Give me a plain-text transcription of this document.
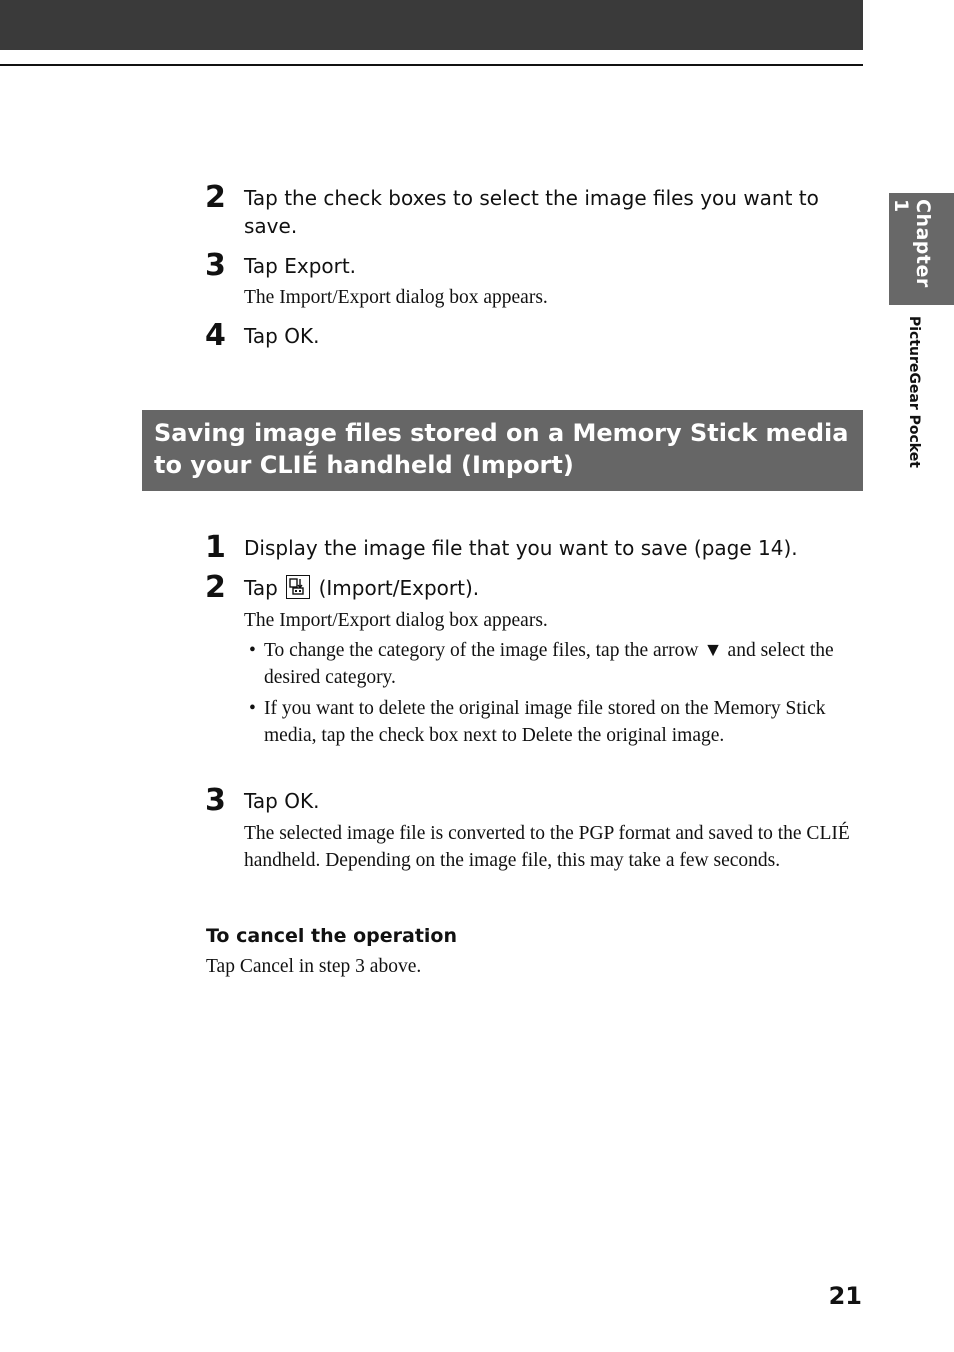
Chapter 1
PictureGear Pocket
2 Tap the check boxes to select the image files you want to save.
3 Tap Export.
The Import/Export dialog box appears.
4 Tap OK.
Saving image files stored on a Memory Stick media to your CLIÉ handheld (Import)
1 Display the image file that you want to save (page 14).
2 Tap (Import/Export).
The Import/Export dialog box appears.
• To change the category of the image files, tap the arrow ▼ and select the desired category.
• If you want to delete the original image file stored on the Memory Stick media, tap the check box next to Delete the original image.
3 Tap OK.
The selected image file is converted to the PGP format and saved to the CLIÉ handheld. Depending on the image file, this may take a few seconds.
To cancel the operation
Tap Cancel in step 3 above.
21
